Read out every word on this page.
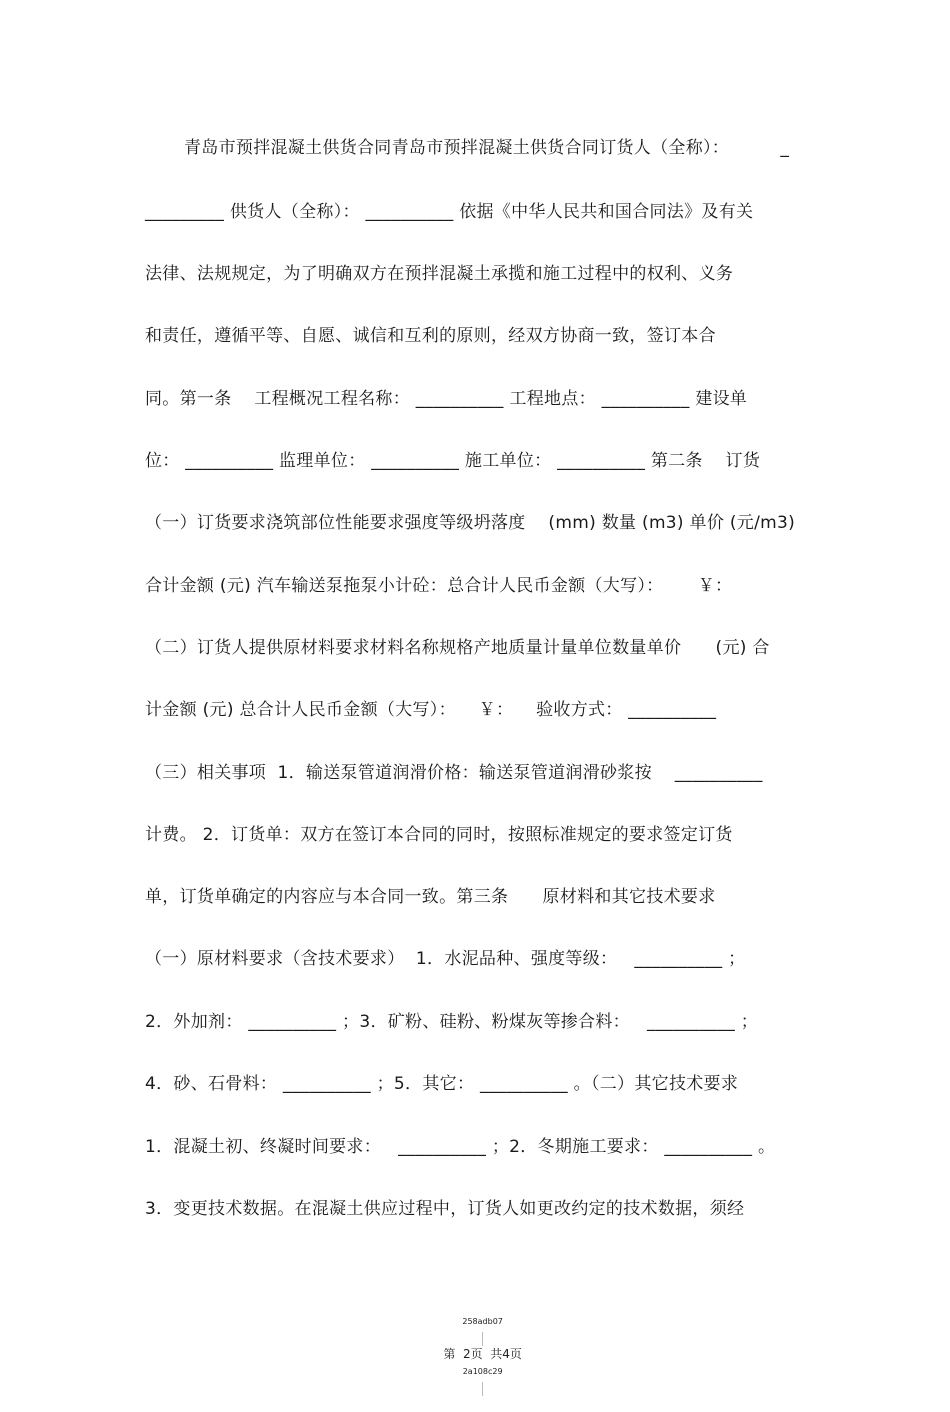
青岛市预拌混凝土供货合同青岛市预拌混凝土供货合同订货人（全称）：         _
_________ 供货人（全称）： __________ 依据《中华人民共和国合同法》及有关
法律、法规规定，为了明确双方在预拌混凝土承揽和施工过程中的权利、义务
和责任，遵循平等、自愿、诚信和互利的原则，经双方协商一致，签订本合
同。第一条    工程概况工程名称： __________ 工程地点： __________ 建设单
位： __________ 监理单位： __________ 施工单位： __________ 第二条    订货
（一）订货要求浇筑部位性能要求强度等级坍落度    (mm) 数量 (m3) 单价 (元/m3)
合计金额 (元) 汽车输送泵拖泵小计砼：总合计人民币金额（大写）：      ￥：
（二）订货人提供原材料要求材料名称规格产地质量计量单位数量单价      (元) 合
计金额 (元) 总合计人民币金额（大写）：    ￥：    验收方式： __________
（三）相关事项  1．输送泵管道润滑价格：输送泵管道润滑砂浆按    __________
计费。 2．订货单：双方在签订本合同的同时，按照标准规定的要求签定订货
单，订货单确定的内容应与本合同一致。第三条      原材料和其它技术要求
（一）原材料要求（含技术要求）  1．水泥品种、强度等级：   __________ ；
2．外加剂： __________ ；3．矿粉、硅粉、粉煤灰等掺合料：   __________ ；
4．砂、石骨料： __________ ；5．其它： __________ 。（二）其它技术要求
1．混凝土初、终凝时间要求：   __________ ；2．冬期施工要求： __________ 。
3．变更技术数据。在混凝土供应过程中，订货人如更改约定的技术数据，须经

258adb07

第  2页  共4页
2a108c29
